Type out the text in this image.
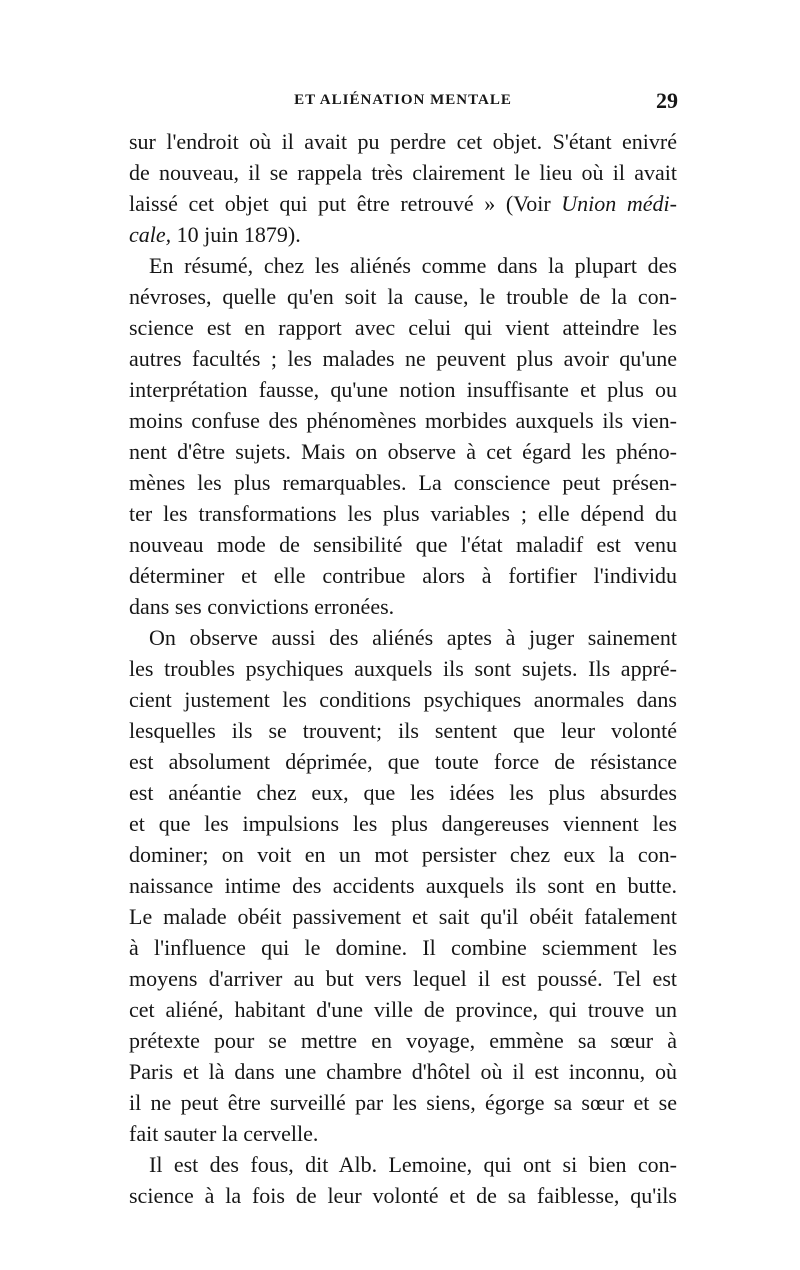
ET ALIÉNATION MENTALE	29
sur l'endroit où il avait pu perdre cet objet. S'étant enivré
de nouveau, il se rappela très clairement le lieu où il avait
laissé cet objet qui put être retrouvé » (Voir Union médi-
cale, 10 juin 1879).
En résumé, chez les aliénés comme dans la plupart des
névroses, quelle qu'en soit la cause, le trouble de la con-
science est en rapport avec celui qui vient atteindre les
autres facultés ; les malades ne peuvent plus avoir qu'une
interprétation fausse, qu'une notion insuffisante et plus ou
moins confuse des phénomènes morbides auxquels ils vien-
nent d'être sujets. Mais on observe à cet égard les phéno-
mènes les plus remarquables. La conscience peut présen-
ter les transformations les plus variables ; elle dépend du
nouveau mode de sensibilité que l'état maladif est venu
déterminer et elle contribue alors à fortifier l'individu
dans ses convictions erronées.
On observe aussi des aliénés aptes à juger sainement
les troubles psychiques auxquels ils sont sujets. Ils appré-
cient justement les conditions psychiques anormales dans
lesquelles ils se trouvent; ils sentent que leur volonté
est absolument déprimée, que toute force de résistance
est anéantie chez eux, que les idées les plus absurdes
et que les impulsions les plus dangereuses viennent les
dominer; on voit en un mot persister chez eux la con-
naissance intime des accidents auxquels ils sont en butte.
Le malade obéit passivement et sait qu'il obéit fatalement
à l'influence qui le domine. Il combine sciemment les
moyens d'arriver au but vers lequel il est poussé. Tel est
cet aliéné, habitant d'une ville de province, qui trouve un
prétexte pour se mettre en voyage, emmène sa sœur à
Paris et là dans une chambre d'hôtel où il est inconnu, où
il ne peut être surveillé par les siens, égorge sa sœur et se
fait sauter la cervelle.
Il est des fous, dit Alb. Lemoine, qui ont si bien con-
science à la fois de leur volonté et de sa faiblesse, qu'ils
